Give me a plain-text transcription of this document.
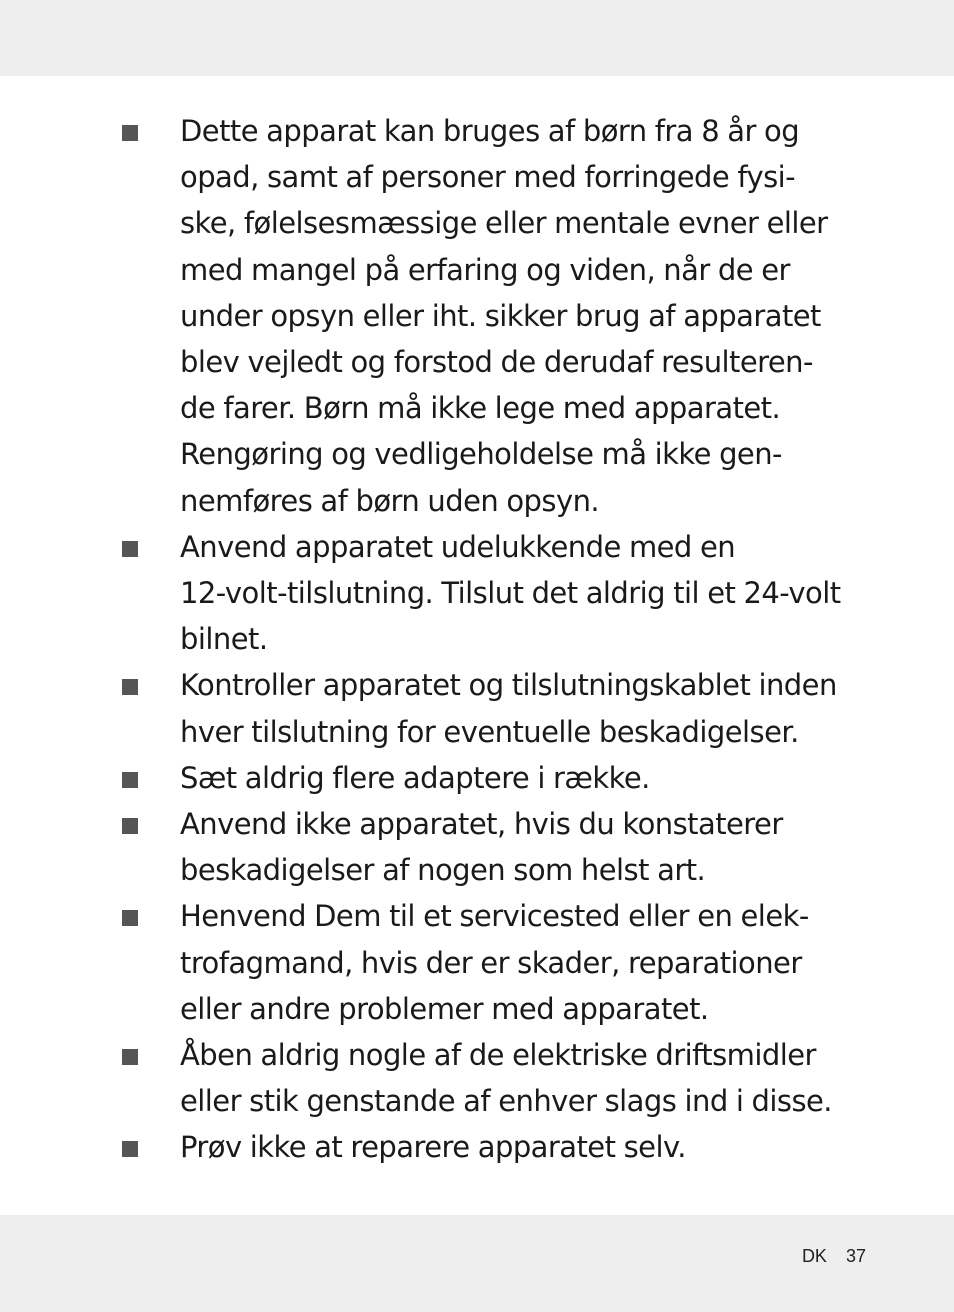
Dette apparat kan bruges af børn fra 8 år og
opad, samt af personer med forringede fysi-
ske, følelsesmæssige eller mentale evner eller
med mangel på erfaring og viden, når de er
under opsyn eller iht. sikker brug af apparatet
blev vejledt og forstod de derudaf resulteren-
de farer. Børn må ikke lege med apparatet.
Rengøring og vedligeholdelse må ikke gen-
nemføres af børn uden opsyn.
Anvend apparatet udelukkende med en
12-volt-tilslutning. Tilslut det aldrig til et 24-volt
bilnet.
Kontroller apparatet og tilslutningskablet inden
hver tilslutning for eventuelle beskadigelser.
Sæt aldrig flere adaptere i række.
Anvend ikke apparatet, hvis du konstaterer
beskadigelser af nogen som helst art.
Henvend Dem til et servicested eller en elek-
trofagmand, hvis der er skader, reparationer
eller andre problemer med apparatet.
Åben aldrig nogle af de elektriske driftsmidler
eller stik genstande af enhver slags ind i disse.
Prøv ikke at reparere apparatet selv.
DK 37
